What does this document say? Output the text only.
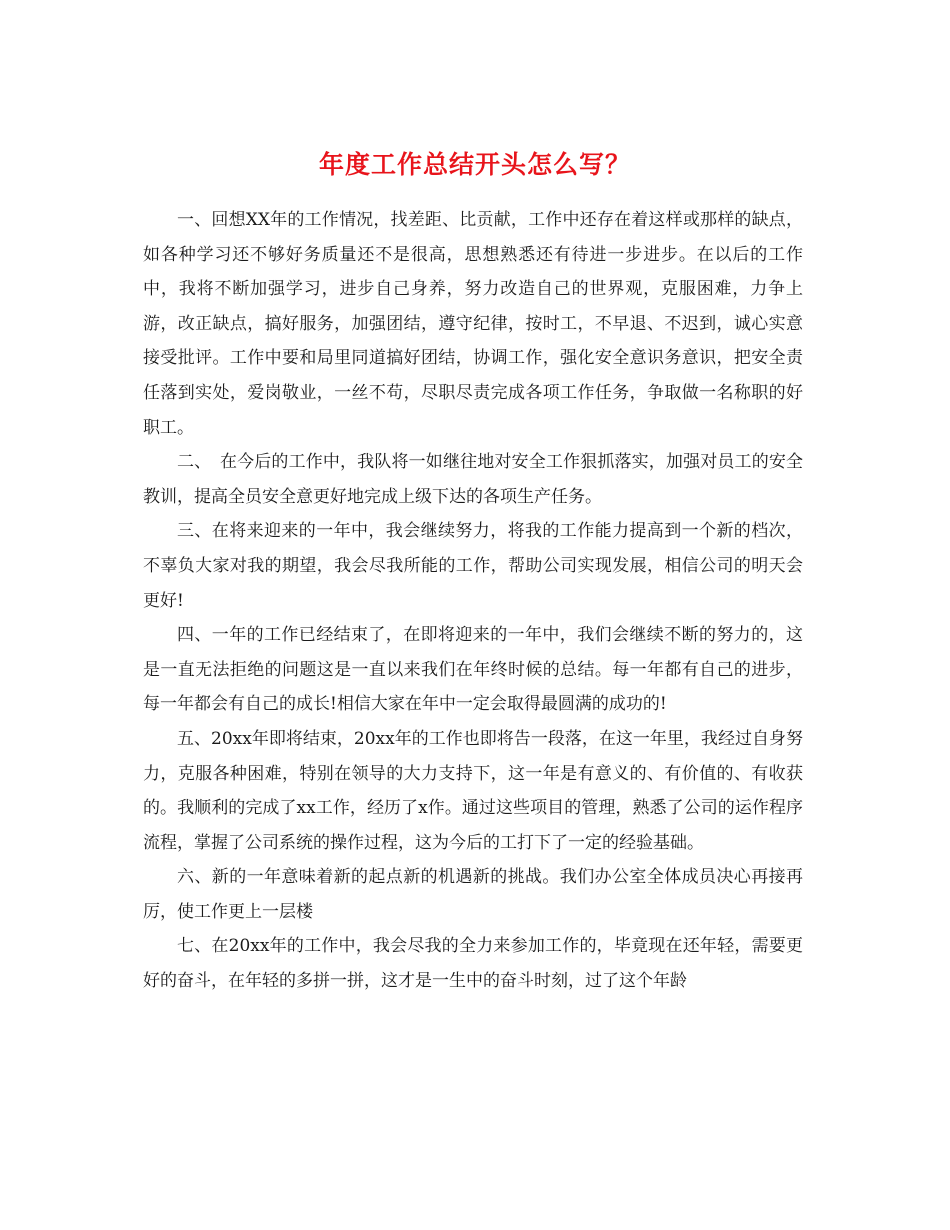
年度工作总结开头怎么写？

一、回想XX年的工作情况，找差距、比贡献，工作中还存在着这样或那样的缺点，如各种学习还不够好务质量还不是很高，思想熟悉还有待进一步进步。在以后的工作中，我将不断加强学习，进步自己身养，努力改造自己的世界观，克服困难，力争上游，改正缺点，搞好服务，加强团结，遵守纪律，按时工，不早退、不迟到，诚心实意接受批评。工作中要和局里同道搞好团结，协调工作，强化安全意识务意识，把安全责任落到实处，爱岗敬业，一丝不苟，尽职尽责完成各项工作任务，争取做一名称职的好职工。

二、　在今后的工作中，我队将一如继往地对安全工作狠抓落实，加强对员工的安全教训，提高全员安全意更好地完成上级下达的各项生产任务。

三、在将来迎来的一年中，我会继续努力，将我的工作能力提高到一个新的档次，不辜负大家对我的期望，我会尽我所能的工作，帮助公司实现发展，相信公司的明天会更好!

四、一年的工作已经结束了，在即将迎来的一年中，我们会继续不断的努力的，这是一直无法拒绝的问题这是一直以来我们在年终时候的总结。每一年都有自己的进步，每一年都会有自己的成长!相信大家在年中一定会取得最圆满的成功的!

五、20xx年即将结束，20xx年的工作也即将告一段落，在这一年里，我经过自身努力，克服各种困难，特别在领导的大力支持下，这一年是有意义的、有价值的、有收获的。我顺利的完成了xx工作，经历了x作。通过这些项目的管理，熟悉了公司的运作程序流程，掌握了公司系统的操作过程，这为今后的工打下了一定的经验基础。

六、新的一年意味着新的起点新的机遇新的挑战。我们办公室全体成员决心再接再厉，使工作更上一层楼

七、在20xx年的工作中，我会尽我的全力来参加工作的，毕竟现在还年轻，需要更好的奋斗，在年轻的多拼一拼，这才是一生中的奋斗时刻，过了这个年龄
